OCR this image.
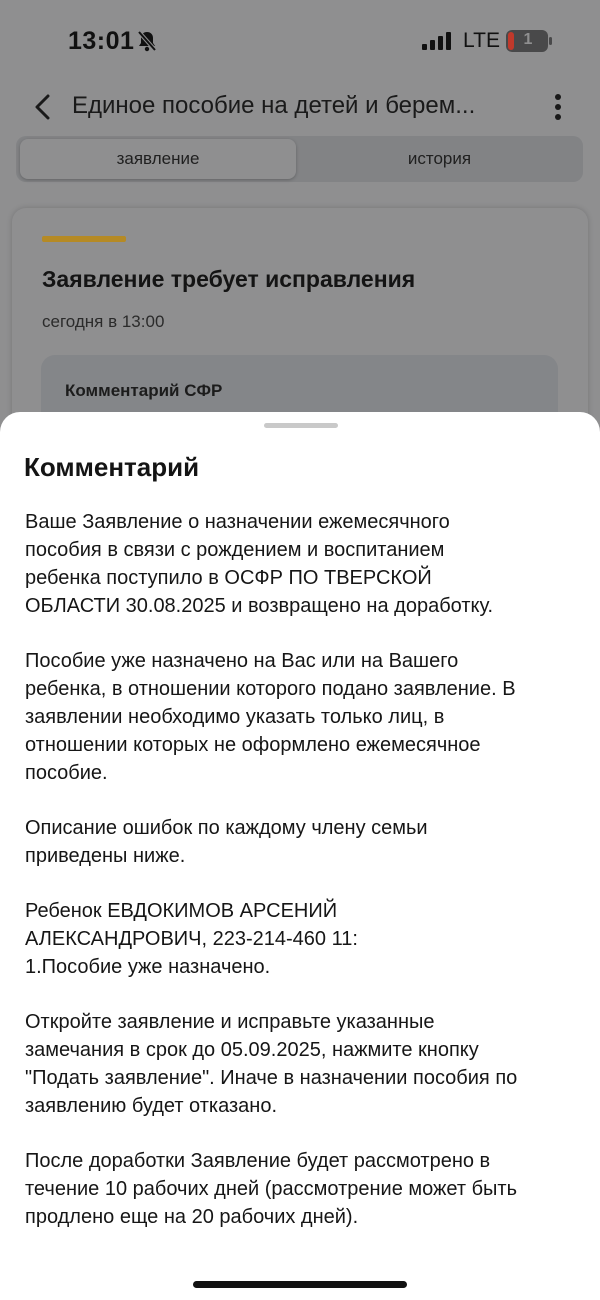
13:01	LTE	1
Единое пособие на детей и берем...
заявление	история
Заявление требует исправления
сегодня в 13:00
Комментарий СФР
Комментарий

Ваше Заявление о назначении ежемесячного
пособия в связи с рождением и воспитанием
ребенка поступило в ОСФР ПО ТВЕРСКОЙ
ОБЛАСТИ 30.08.2025 и возвращено на доработку.

Пособие уже назначено на Вас или на Вашего
ребенка, в отношении которого подано заявление. В
заявлении необходимо указать только лиц, в
отношении которых не оформлено ежемесячное
пособие.

Описание ошибок по каждому члену семьи
приведены ниже.

Ребенок ЕВДОКИМОВ АРСЕНИЙ
АЛЕКСАНДРОВИЧ, 223-214-460 11:
1.Пособие уже назначено.

Откройте заявление и исправьте указанные
замечания в срок до 05.09.2025, нажмите кнопку
"Подать заявление". Иначе в назначении пособия по
заявлению будет отказано.

После доработки Заявление будет рассмотрено в
течение 10 рабочих дней (рассмотрение может быть
продлено еще на 20 рабочих дней).
